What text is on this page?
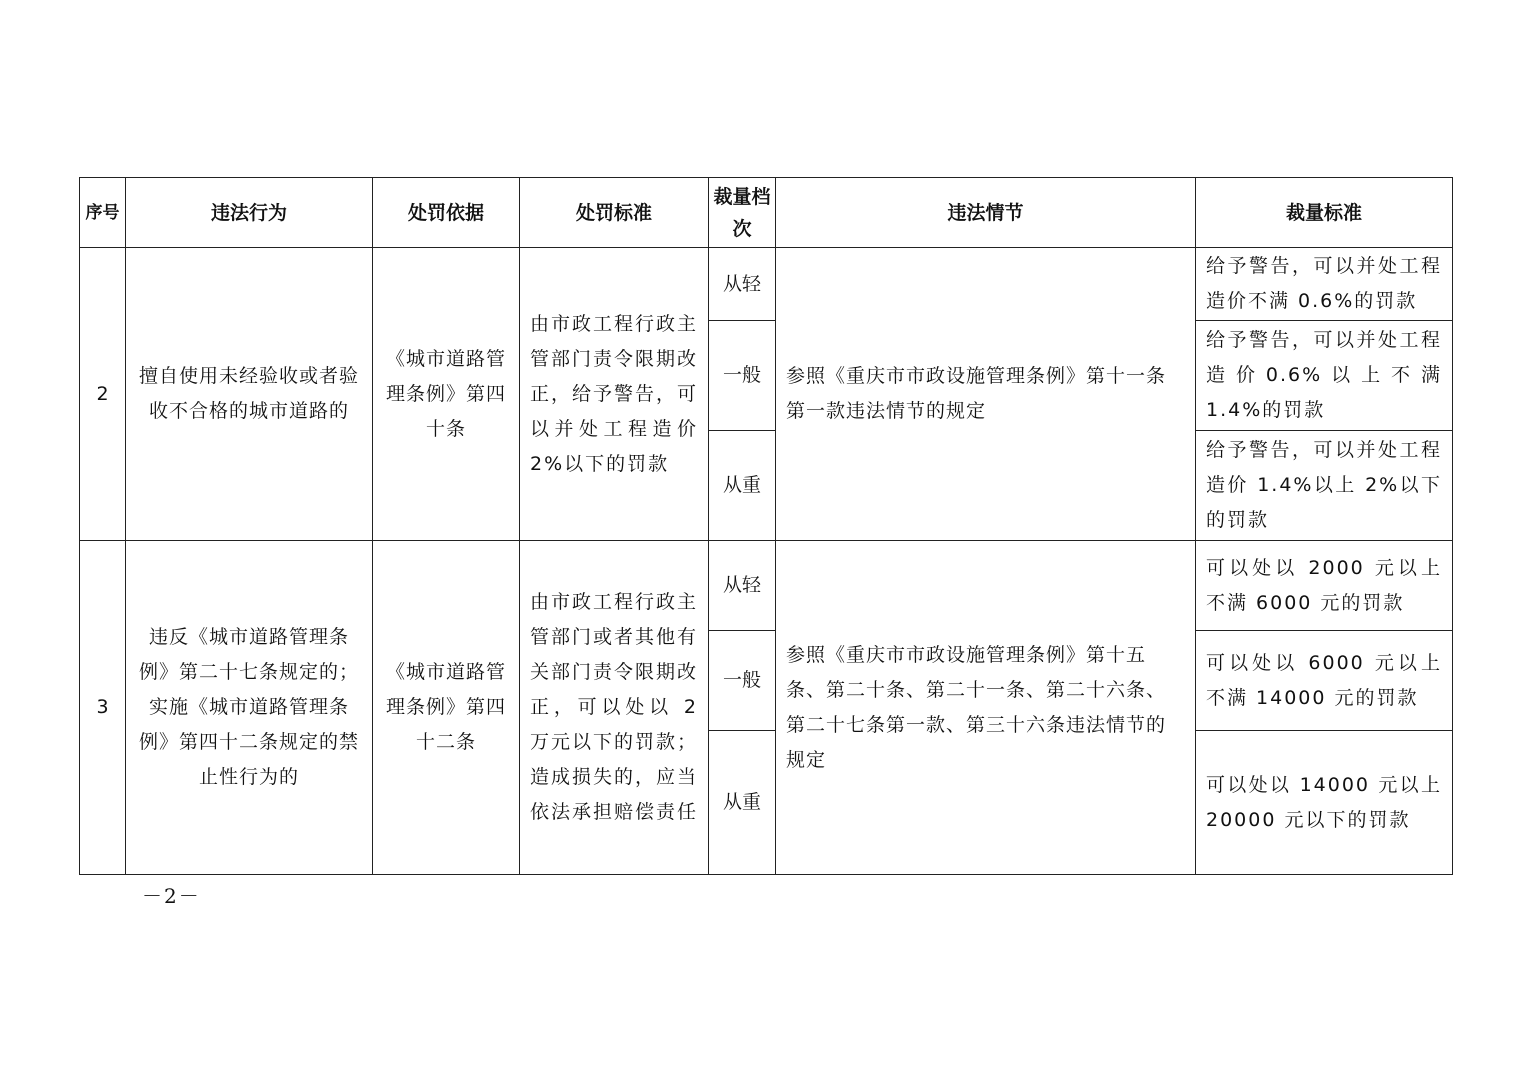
序号	违法行为	处罚依据	处罚标准	裁量档次	违法情节	裁量标准
2	擅自使用未经验收或者验收不合格的城市道路的	《城市道路管理条例》第四十条	由市政工程行政主管部门责令限期改正，给予警告，可以并处工程造价 2%以下的罚款	从轻	参照《重庆市市政设施管理条例》第十一条第一款违法情节的规定	给予警告，可以并处工程造价不满 0.6%的罚款
				一般		给予警告，可以并处工程造价0.6%以上不满1.4%的罚款
				从重		给予警告，可以并处工程造价 1.4%以上 2%以下的罚款
3	违反《城市道路管理条例》第二十七条规定的；实施《城市道路管理条例》第四十二条规定的禁止性行为的	《城市道路管理条例》第四十二条	由市政工程行政主管部门或者其他有关部门责令限期改正，可以处以 2 万元以下的罚款；造成损失的，应当依法承担赔偿责任	从轻	参照《重庆市市政设施管理条例》第十五条、第二十条、第二十一条、第二十六条、第二十七条第一款、第三十六条违法情节的规定	可以处以 2000 元以上不满 6000 元的罚款
				一般		可以处以 6000 元以上不满 14000 元的罚款
				从重		可以处以 14000 元以上 20000 元以下的罚款
－2－
